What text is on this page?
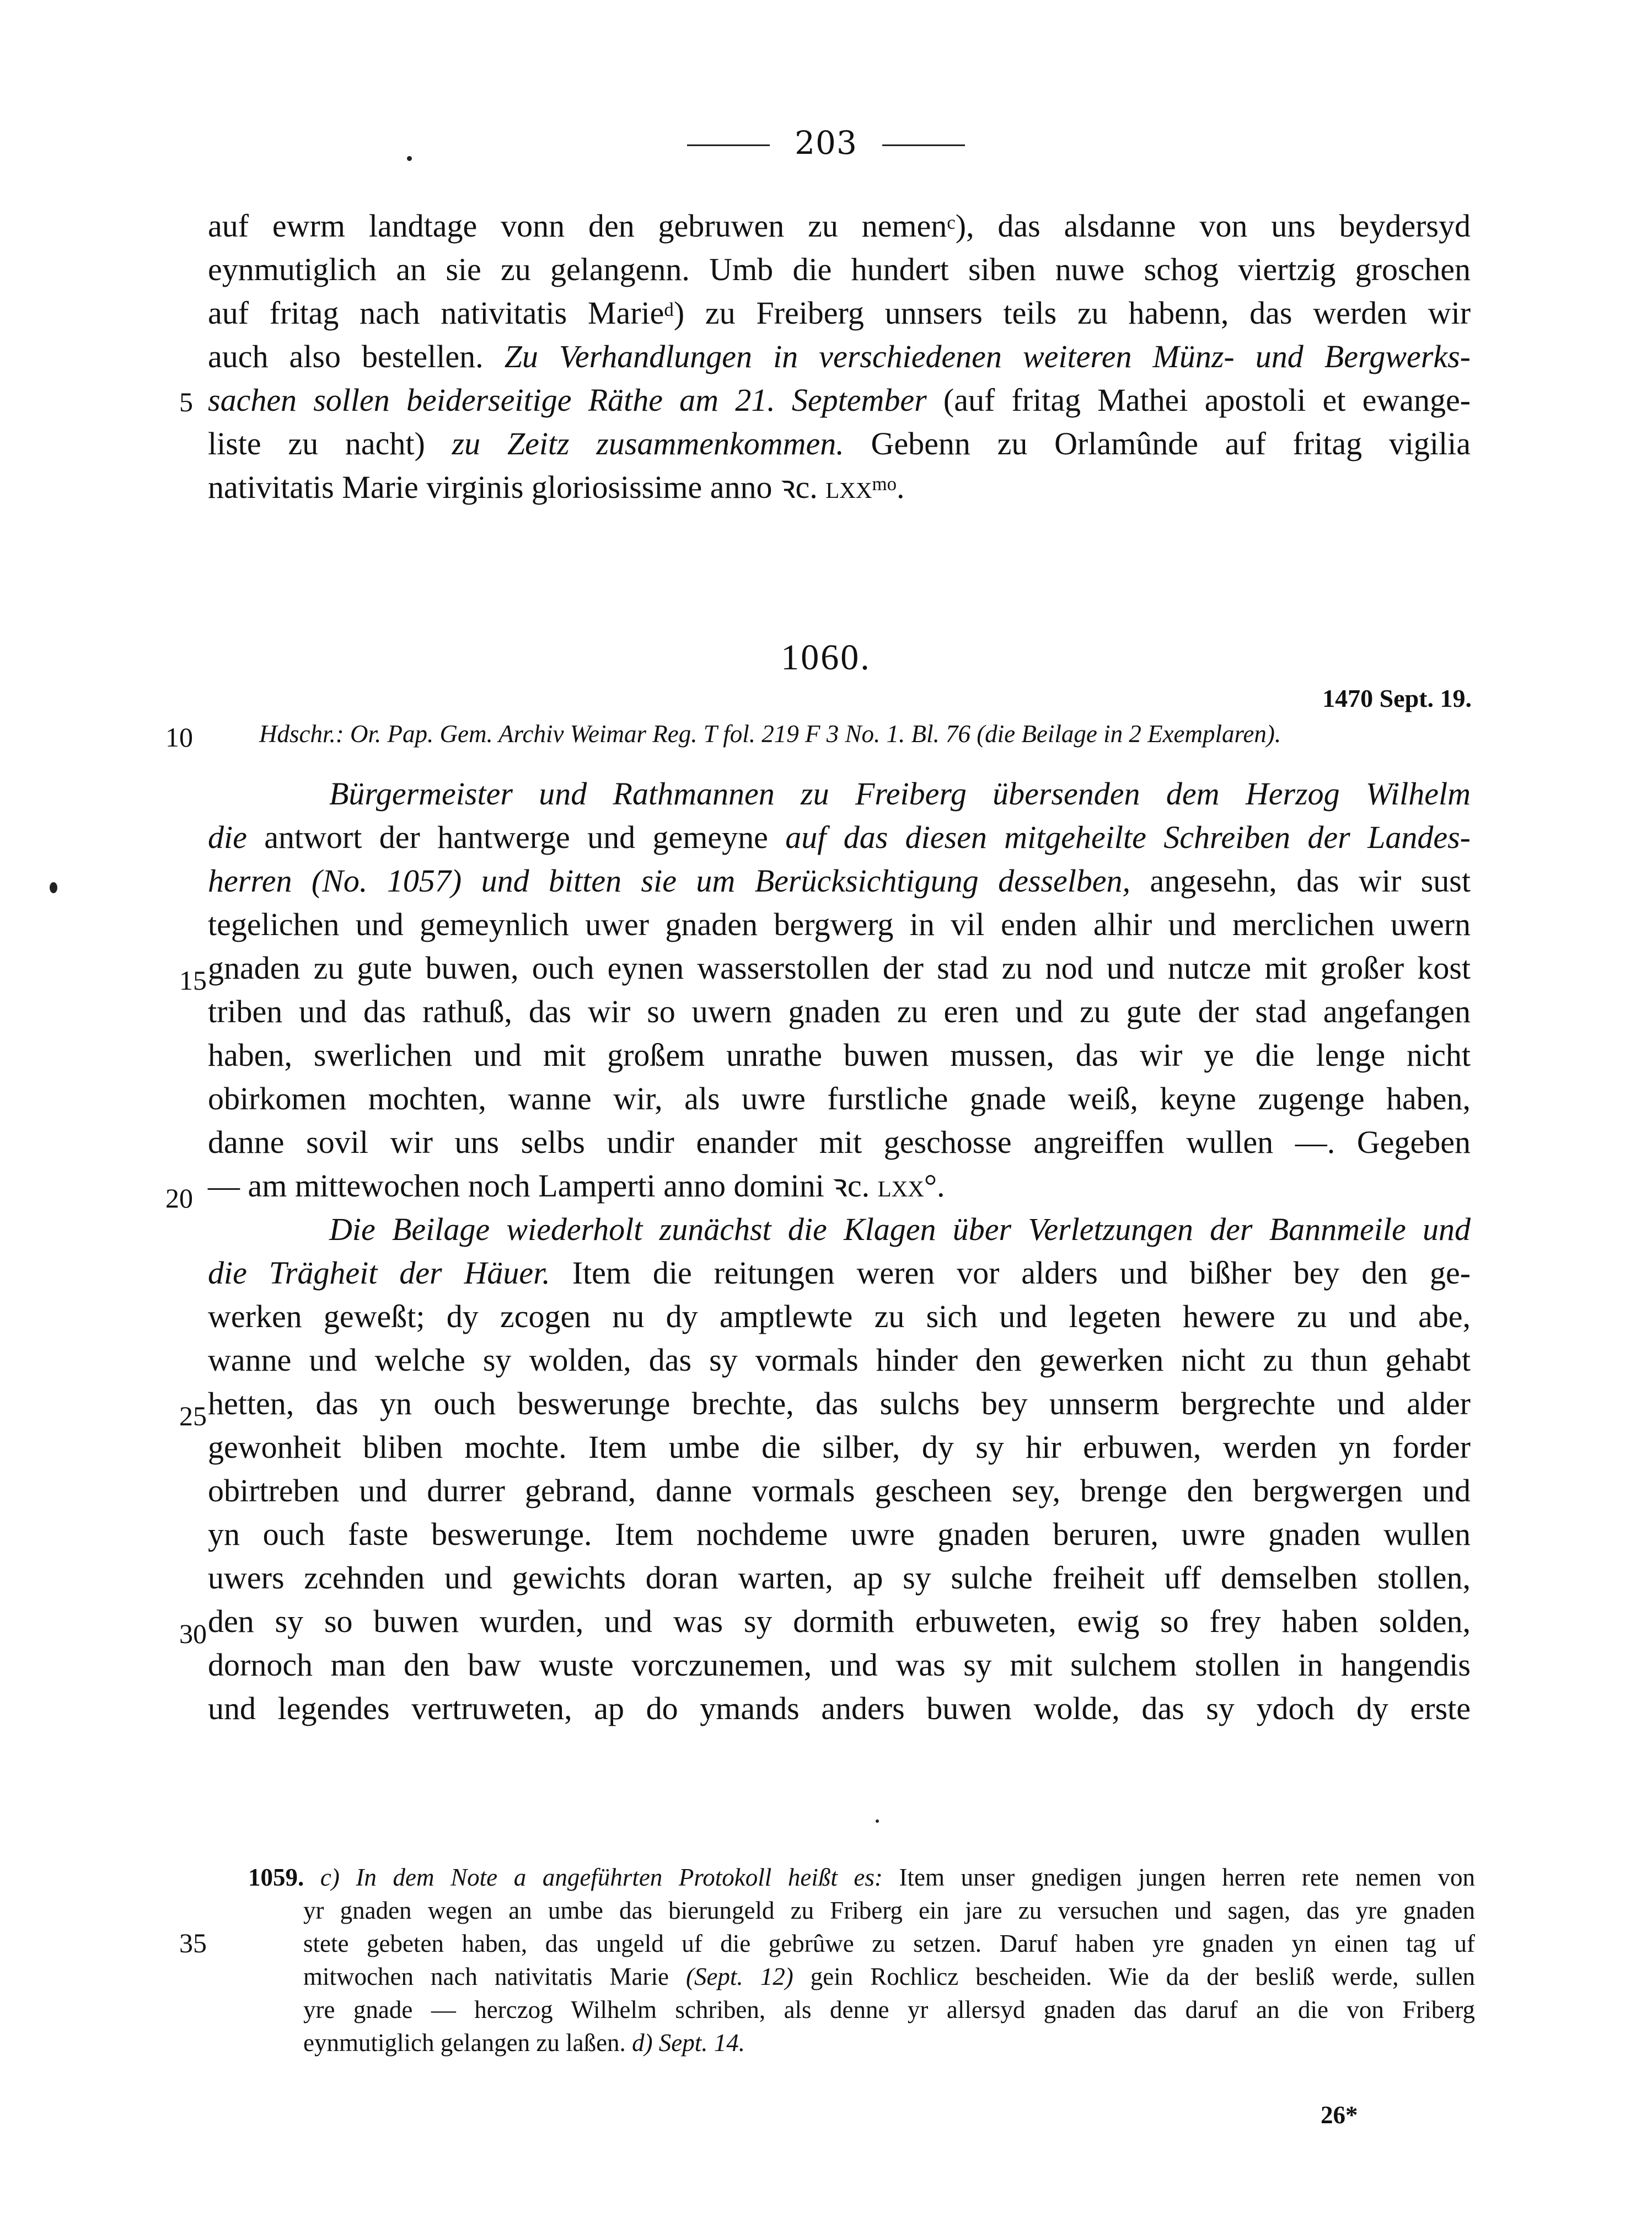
203
auf ewrm landtage vonn den gebruwen zu nemen$^c$), das alsdanne von uns beydersyd
eynmutiglich an sie zu gelangenn. Umb die hundert siben nuwe schog viertzig groschen
auf fritag nach nativitatis Marie$^d$) zu Freiberg unnsers teils zu habenn, das werden wir
auch also bestellen. Zu Verhandlungen in verschiedenen weiteren Münz- und Bergwerks-
sachen sollen beiderseitige Räthe am 21. September (auf fritag Mathei apostoli et ewange-
liste zu nacht) zu Zeitz zusammenkommen. Gebenn zu Orlamûnde auf fritag vigilia
nativitatis Marie virginis gloriosissime anno ꝛc. lxx$^{mo}$.
5
1060.
1470 Sept. 19.
10	Hdschr.: Or. Pap. Gem. Archiv Weimar Reg. T fol. 219 F 3 No. 1. Bl. 76 (die Beilage in 2 Exemplaren).
Bürgermeister und Rathmannen zu Freiberg übersenden dem Herzog Wilhelm
die antwort der hantwerge und gemeyne auf das diesen mitgeheilte Schreiben der Landes-
herren (No. 1057) und bitten sie um Berücksichtigung desselben, angesehn, das wir sust
tegelichen und gemeynlich uwer gnaden bergwerg in vil enden alhir und merclichen uwern
gnaden zu gute buwen, ouch eynen wasserstollen der stad zu nod und nutcze mit großer kost
triben und das rathuß, das wir so uwern gnaden zu eren und zu gute der stad angefangen
haben, swerlichen und mit großem unrathe buwen mussen, das wir ye die lenge nicht
obirkomen mochten, wanne wir, als uwre furstliche gnade weiß, keyne zugenge haben,
danne sovil wir uns selbs undir enander mit geschosse angreiffen wullen —. Gegeben
— am mittewochen noch Lamperti anno domini ꝛc. lxx°.
Die Beilage wiederholt zunächst die Klagen über Verletzungen der Bannmeile und
die Trägheit der Häuer. Item die reitungen weren vor alders und bißher bey den ge-
werken geweßt; dy zcogen nu dy amptlewte zu sich und legeten hewere zu und abe,
wanne und welche sy wolden, das sy vormals hinder den gewerken nicht zu thun gehabt
hetten, das yn ouch beswerunge brechte, das sulchs bey unnserm bergrechte und alder
gewonheit bliben mochte. Item umbe die silber, dy sy hir erbuwen, werden yn forder
obirtreben und durrer gebrand, danne vormals gescheen sey, brenge den bergwergen und
yn ouch faste beswerunge. Item nochdeme uwre gnaden beruren, uwre gnaden wullen
uwers zcehnden und gewichts doran warten, ap sy sulche freiheit uff demselben stollen,
den sy so buwen wurden, und was sy dormith erbuweten, ewig so frey haben solden,
dornoch man den baw wuste vorczunemen, und was sy mit sulchem stollen in hangendis
und legendes vertruweten, ap do ymands anders buwen wolde, das sy ydoch dy erste
15
20
25
30
35
1059. c) In dem Note a angeführten Protokoll heißt es: Item unser gnedigen jungen herren rete nemen von
yr gnaden wegen an umbe das bierungeld zu Friberg ein jare zu versuchen und sagen, das yre gnaden
stete gebeten haben, das ungeld uf die gebrûwe zu setzen. Daruf haben yre gnaden yn einen tag uf
mitwochen nach nativitatis Marie (Sept. 12) gein Rochlicz bescheiden. Wie da der besliß werde, sullen
yre gnade — herczog Wilhelm schriben, als denne yr allersyd gnaden das daruf an die von Friberg
eynmutiglich gelangen zu laßen. d) Sept. 14.
26*
